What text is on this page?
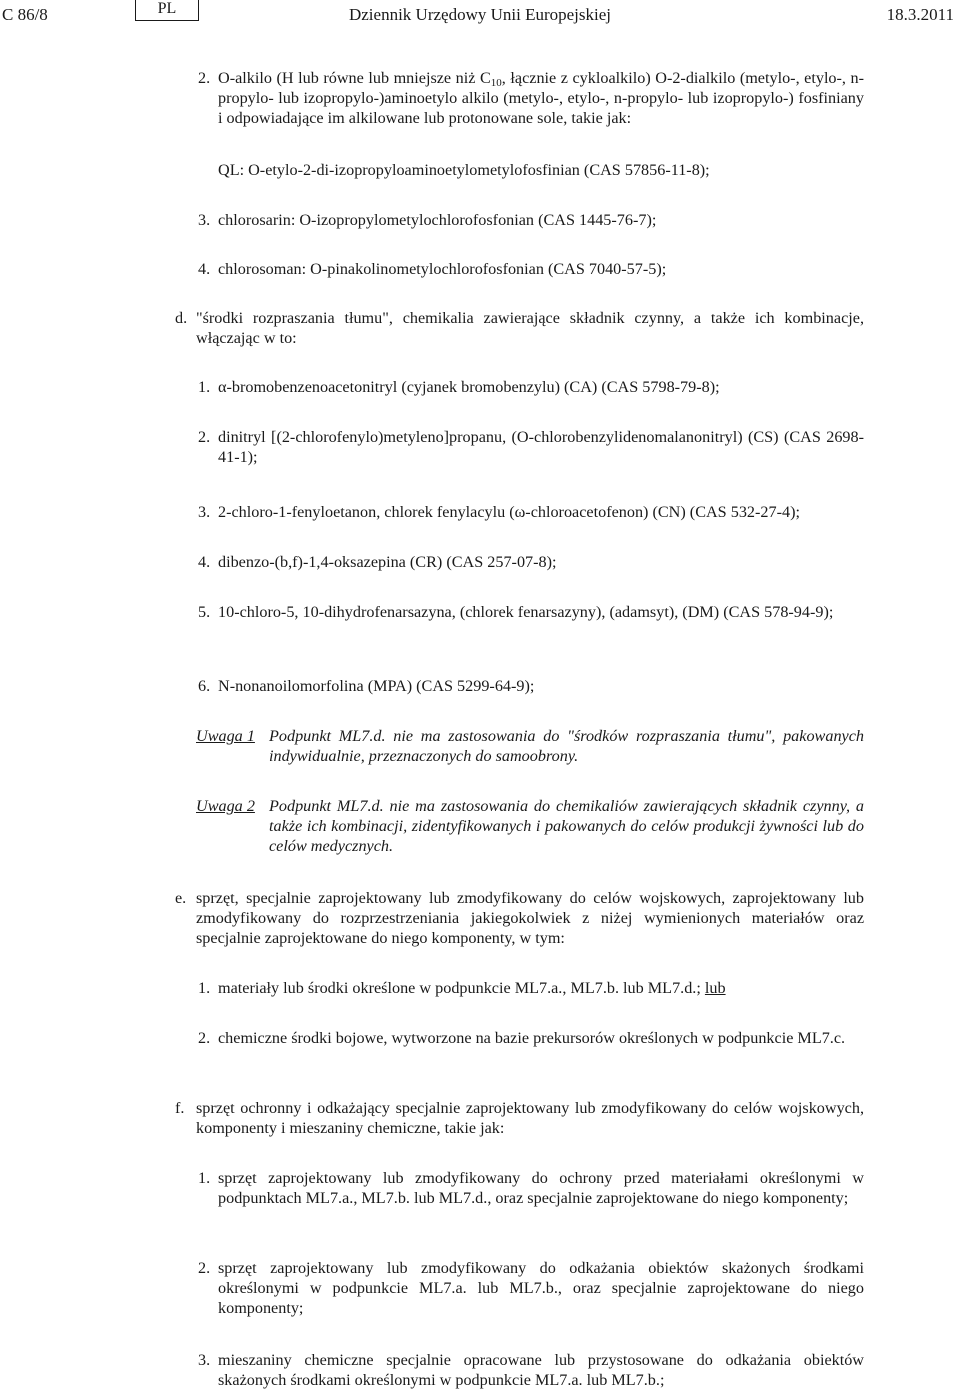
C 86/8	PL	Dziennik Urzędowy Unii Europejskiej	18.3.2011
2. O-alkilo (H lub równe lub mniejsze niż $C_{10}$, łącznie z cykloalkilo) O-2-dialkilo (metylo-, etylo-, n-propylo- lub izopropylo-)aminoetylo alkilo (metylo-, etylo-, n-propylo- lub izopropylo-) fosfiniany i odpowiadające im alkilowane lub protonowane sole, takie jak:
QL: O-etylo-2-di-izopropyloaminoetylometylofosfinian (CAS 57856-11-8);
3. chlorosarin: O-izopropylometylochlorofosfonian (CAS 1445-76-7);
4. chlorosoman: O-pinakolinometylochlorofosfonian (CAS 7040-57-5);
d. "środki rozpraszania tłumu", chemikalia zawierające składnik czynny, a także ich kombinacje, włączając w to:
1. α-bromobenzenoacetonitryl (cyjanek bromobenzylu) (CA) (CAS 5798-79-8);
2. dinitryl [(2-chlorofenylo)metyleno]propanu, (O-chlorobenzylidenomalanonitryl) (CS) (CAS 2698-41-1);
3. 2-chloro-1-fenyloetanon, chlorek fenylacylu (ω-chloroacetofenon) (CN) (CAS 532-27-4);
4. dibenzo-(b,f)-1,4-oksazepina (CR) (CAS 257-07-8);
5. 10-chloro-5, 10-dihydrofenarsazyna, (chlorek fenarsazyny), (adamsyt), (DM) (CAS 578-94-9);
6. N-nonanoilomorfolina (MPA) (CAS 5299-64-9);
Uwaga 1 Podpunkt ML7.d. nie ma zastosowania do "środków rozpraszania tłumu", pakowanych indywidualnie, przeznaczonych do samoobrony.
Uwaga 2 Podpunkt ML7.d. nie ma zastosowania do chemikaliów zawierających składnik czynny, a także ich kombinacji, zidentyfikowanych i pakowanych do celów produkcji żywności lub do celów medycznych.
e. sprzęt, specjalnie zaprojektowany lub zmodyfikowany do celów wojskowych, zaprojektowany lub zmodyfikowany do rozprzestrzeniania jakiegokolwiek z niżej wymienionych materiałów oraz specjalnie zaprojektowane do niego komponenty, w tym:
1. materiały lub środki określone w podpunkcie ML7.a., ML7.b. lub ML7.d.; lub
2. chemiczne środki bojowe, wytworzone na bazie prekursorów określonych w podpunkcie ML7.c.
f. sprzęt ochronny i odkażający specjalnie zaprojektowany lub zmodyfikowany do celów wojskowych, komponenty i mieszaniny chemiczne, takie jak:
1. sprzęt zaprojektowany lub zmodyfikowany do ochrony przed materiałami określonymi w podpunktach ML7.a., ML7.b. lub ML7.d., oraz specjalnie zaprojektowane do niego komponenty;
2. sprzęt zaprojektowany lub zmodyfikowany do odkażania obiektów skażonych środkami określonymi w podpunkcie ML7.a. lub ML7.b., oraz specjalnie zaprojektowane do niego komponenty;
3. mieszaniny chemiczne specjalnie opracowane lub przystosowane do odkażania obiektów skażonych środkami określonymi w podpunkcie ML7.a. lub ML7.b.;
